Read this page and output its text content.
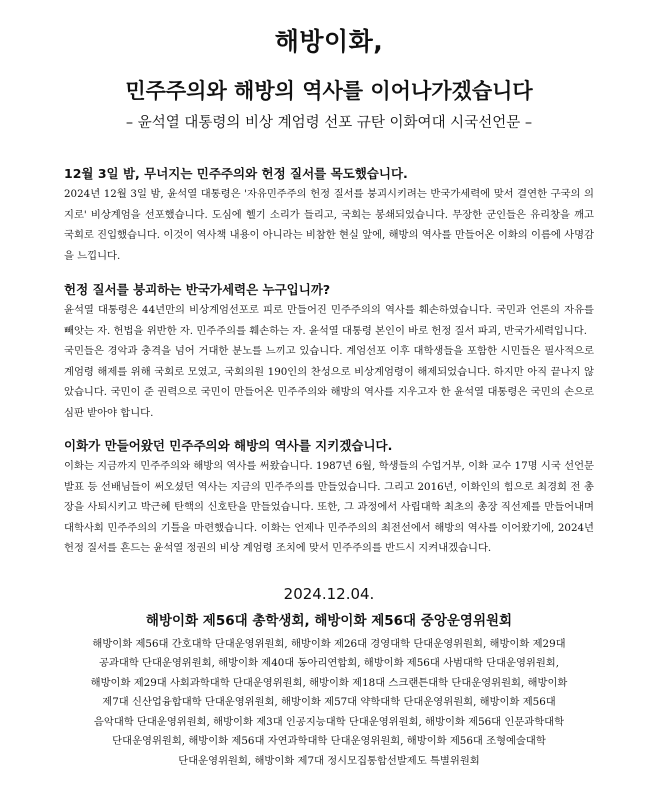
해방이화,
민주주의와 해방의 역사를 이어나가겠습니다

– 윤석열 대통령의 비상 계엄령 선포 규탄 이화여대 시국선언문 –

12월 3일 밤, 무너지는 민주주의와 헌정 질서를 목도했습니다.

2024년 12월 3일 밤, 윤석열 대통령은 '자유민주주의 헌정 질서를 붕괴시키려는 반국가세력에 맞서 결연한 구국의 의지로' 비상계엄을 선포했습니다. 도심에 헬기 소리가 들리고, 국회는 봉쇄되었습니다. 무장한 군인들은 유리창을 깨고 국회로 진입했습니다. 이것이 역사책 내용이 아니라는 비참한 현실 앞에, 해방의 역사를 만들어온 이화의 이름에 사명감을 느낍니다.

헌정 질서를 붕괴하는 반국가세력은 누구입니까?

윤석열 대통령은 44년만의 비상계엄선포로 피로 만들어진 민주주의의 역사를 훼손하였습니다. 국민과 언론의 자유를 빼앗는 자. 헌법을 위반한 자. 민주주의를 훼손하는 자. 윤석열 대통령 본인이 바로 헌정 질서 파괴, 반국가세력입니다.

국민들은 경악과 충격을 넘어 거대한 분노를 느끼고 있습니다. 계엄선포 이후 대학생들을 포함한 시민들은 필사적으로 계엄령 해제를 위해 국회로 모였고, 국회의원 190인의 찬성으로 비상계엄령이 해제되었습니다. 하지만 아직 끝나지 않았습니다. 국민이 준 권력으로 국민이 만들어온 민주주의와 해방의 역사를 지우고자 한 윤석열 대통령은 국민의 손으로 심판 받아야 합니다.

이화가 만들어왔던 민주주의와 해방의 역사를 지키겠습니다.

이화는 지금까지 민주주의와 해방의 역사를 써왔습니다. 1987년 6월, 학생들의 수업거부, 이화 교수 17명 시국 선언문 발표 등 선배님들이 써오셨던 역사는 지금의 민주주의를 만들었습니다. 그리고 2016년, 이화인의 힘으로 최경희 전 총장을 사퇴시키고 박근혜 탄핵의 신호탄을 만들었습니다. 또한, 그 과정에서 사립대학 최초의 총장 직선제를 만들어내며 대학사회 민주주의의 기틀을 마련했습니다. 이화는 언제나 민주주의의 최전선에서 해방의 역사를 이어왔기에, 2024년 헌정 질서를 흔드는 윤석열 정권의 비상 계엄령 조치에 맞서 민주주의를 반드시 지켜내겠습니다.

2024.12.04.

해방이화 제56대 총학생회, 해방이화 제56대 중앙운영위원회

해방이화 제56대 간호대학 단대운영위원회, 해방이화 제26대 경영대학 단대운영위원회, 해방이화 제29대
공과대학 단대운영위원회, 해방이화 제40대 동아리연합회, 해방이화 제56대 사범대학 단대운영위원회,
해방이화 제29대 사회과학대학 단대운영위원회, 해방이화 제18대 스크랜튼대학 단대운영위원회, 해방이화
제7대 신산업융합대학 단대운영위원회, 해방이화 제57대 약학대학 단대운영위원회, 해방이화 제56대
음악대학 단대운영위원회, 해방이화 제3대 인공지능대학 단대운영위원회, 해방이화 제56대 인문과학대학
단대운영위원회, 해방이화 제56대 자연과학대학 단대운영위원회, 해방이화 제56대 조형예술대학
단대운영위원회, 해방이화 제7대 정시모집통합선발제도 특별위원회
